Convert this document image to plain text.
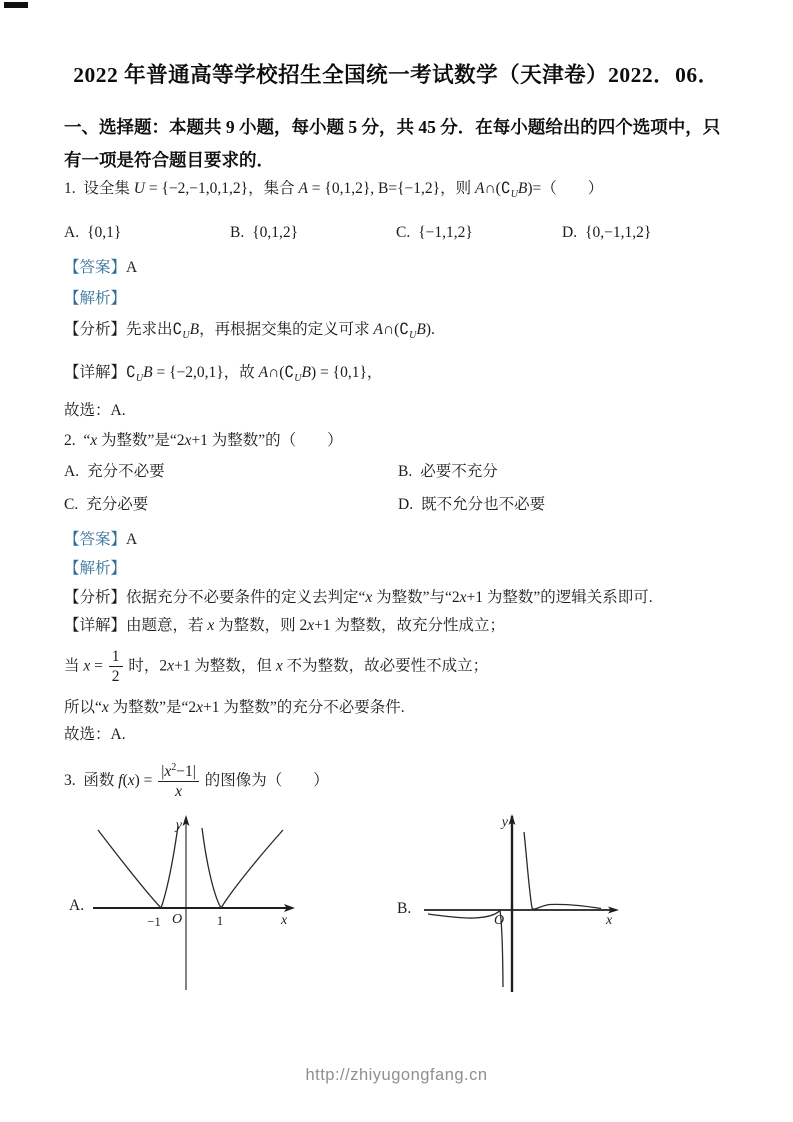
2022 年普通高等学校招生全国统一考试数学（天津卷）2022．06．
一、选择题：本题共 9 小题，每小题 5 分，共 45 分．在每小题给出的四个选项中，只有一项是符合题目要求的．
1.  设全集 U = {−2,−1,0,1,2}，集合 A = {0,1,2}, B={−1,2}，则 $A\cap(∁_UB)=$（　　）
A. {0,1}	B. {0,1,2}	C. {−1,1,2}	D. {0,−1,1,2}
【答案】A
【解析】
【分析】先求出$∁_UB$，再根据交集的定义可求 $A\cap(∁_UB)$.
【详解】$∁_UB = \{-2,0,1\}$，故 $A\cap(∁_UB) = \{0,1\}$，
故选：A.
2.  “x 为整数”是“2x+1 为整数”的（　　）
A. 充分不必要	B. 必要不充分
C. 充分必要	D. 既不允分也不必要
【答案】A
【解析】
【分析】依据充分不必要条件的定义去判定“x 为整数”与“2x+1 为整数”的逻辑关系即可.
【详解】由题意，若 x 为整数，则 2x+1 为整数，故充分性成立；
当 $x = \frac{1}{2}$ 时，2x+1 为整数，但 x 不为整数，故必要性不成立；
所以“x 为整数”是“2x+1 为整数”的充分不必要条件.
故选：A.
3.  函数 $f(x) = \frac{|x^2-1|}{x}$ 的图像为（　　）
A.
y
x
O
−1	1
B.
y
x
O
http://zhiyugongfang.cn
